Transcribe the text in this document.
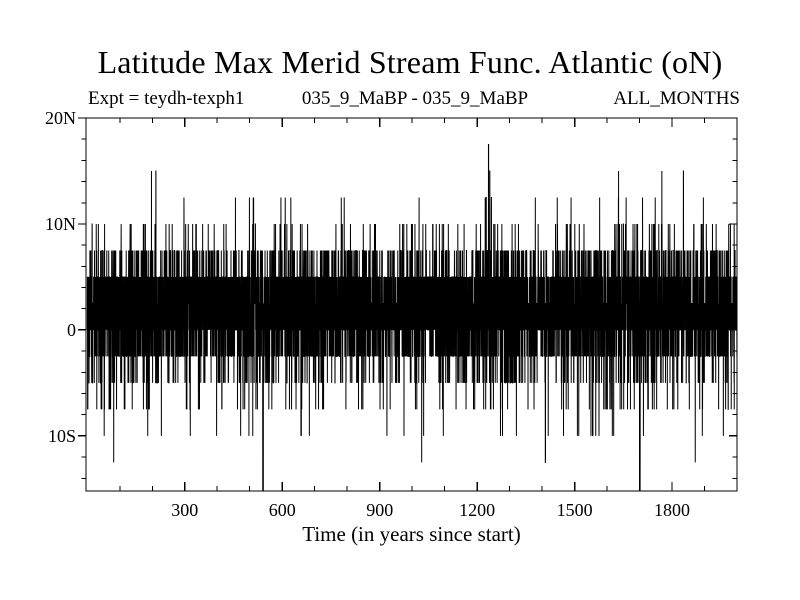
Latitude Max Merid Stream Func. Atlantic (oN)
Expt = teydh-texph1	035_9_MaBP - 035_9_MaBP	ALL_MONTHS
20N
10N
0
10S
300	600	900	1200	1500	1800
Time (in years since start)
